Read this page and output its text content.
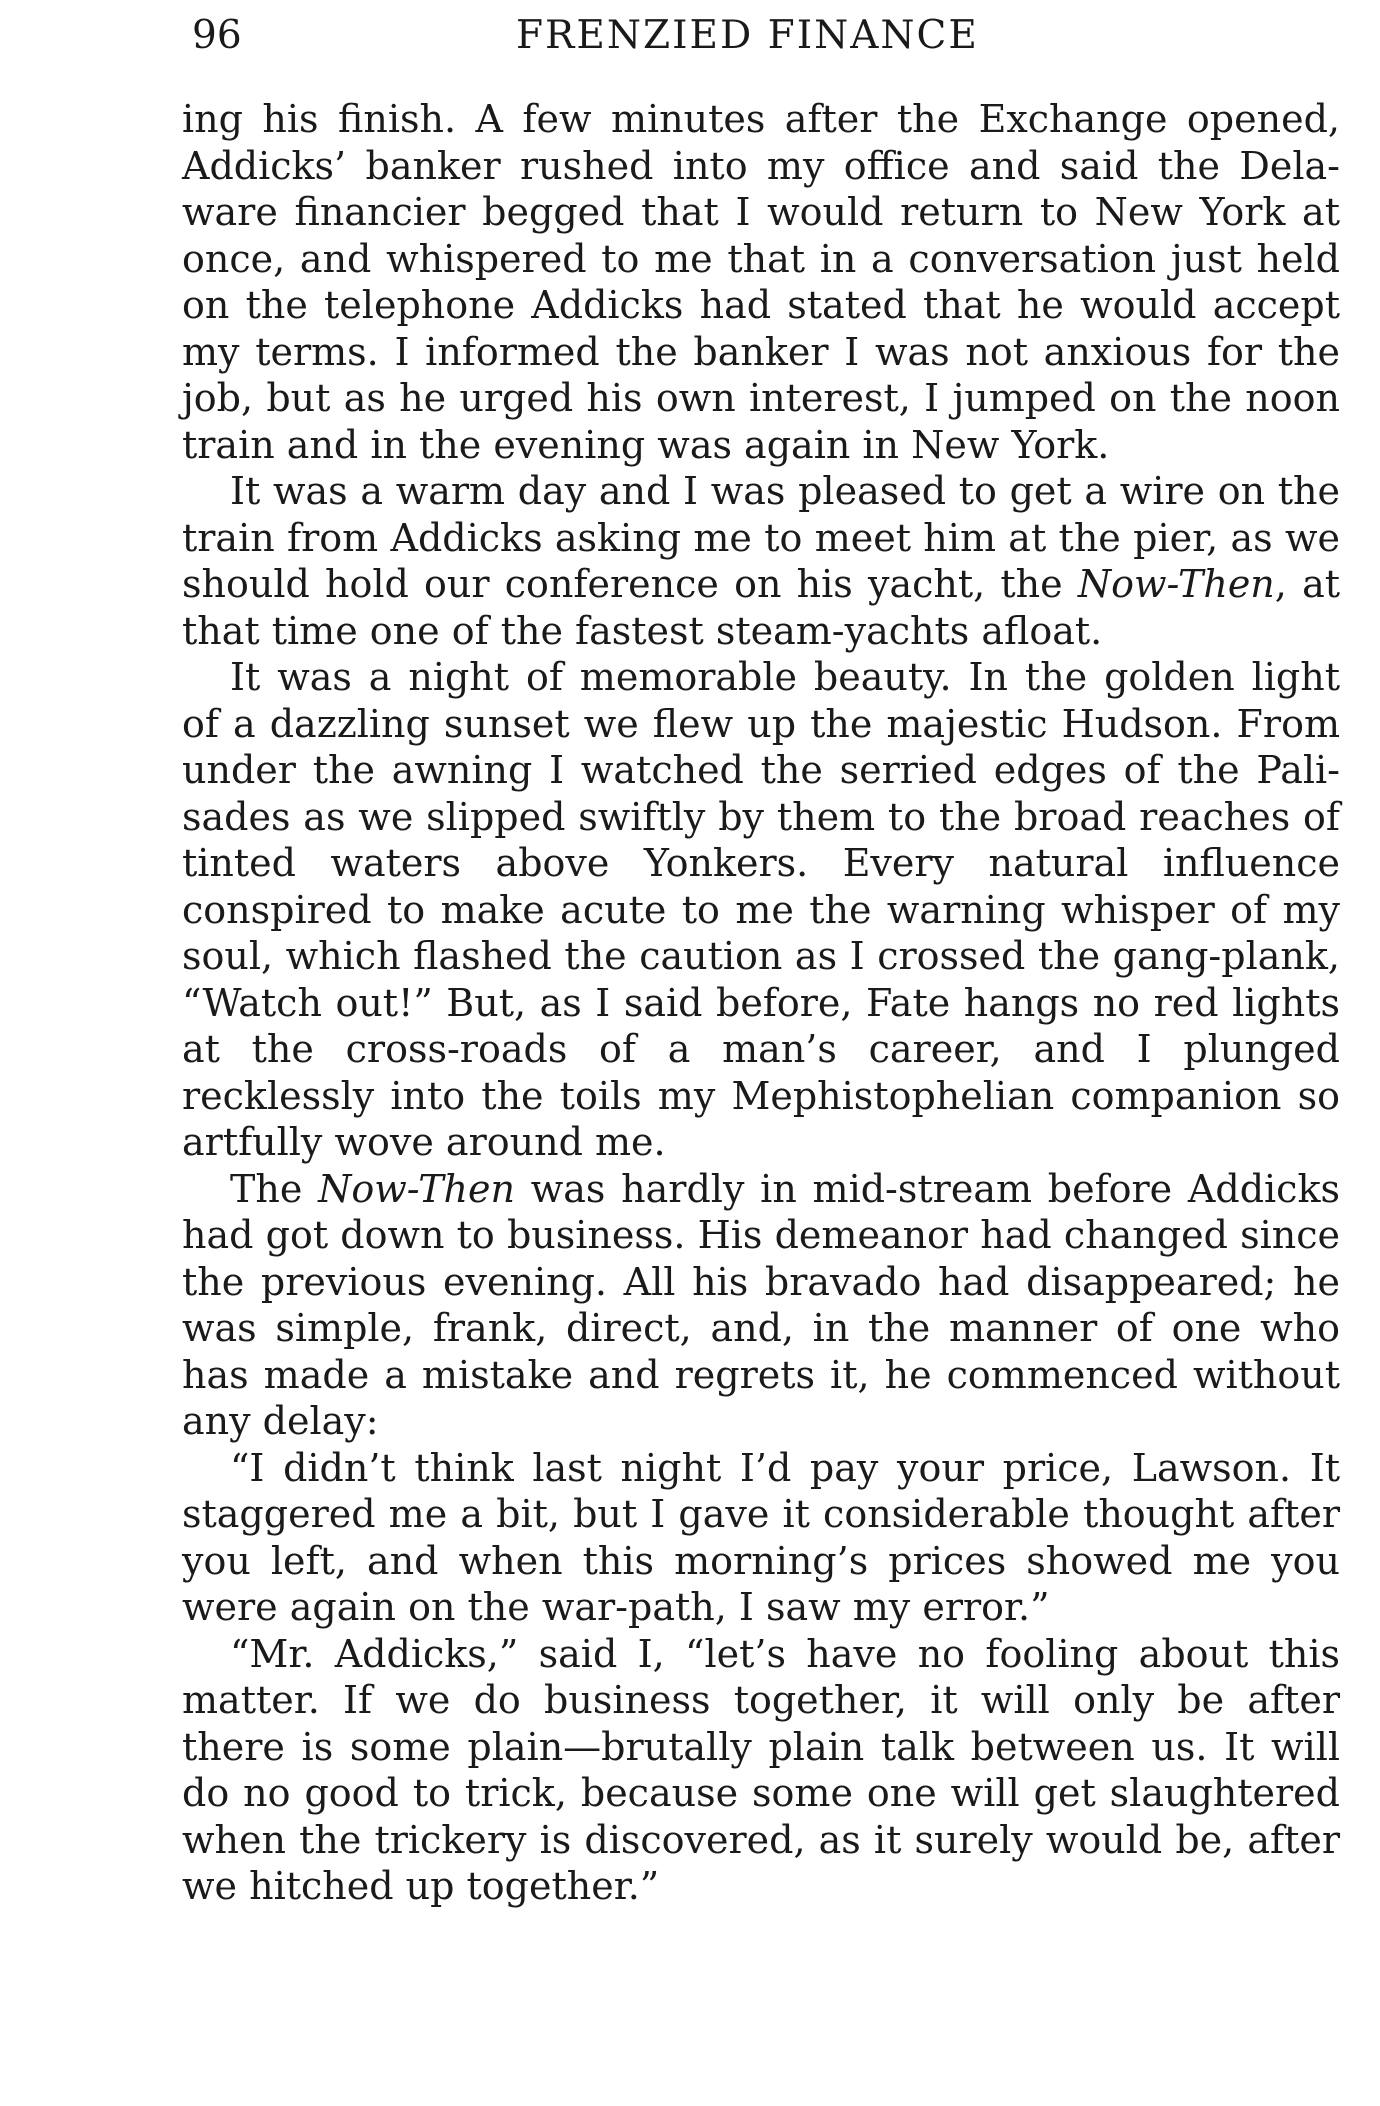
96	FRENZIED FINANCE

ing his finish. A few minutes after the Exchange opened, Addicks’ banker rushed into my office and said the Delaware financier begged that I would return to New York at once, and whispered to me that in a conversation just held on the telephone Addicks had stated that he would accept my terms. I informed the banker I was not anxious for the job, but as he urged his own interest, I jumped on the noon train and in the evening was again in New York.

It was a warm day and I was pleased to get a wire on the train from Addicks asking me to meet him at the pier, as we should hold our conference on his yacht, the Now-Then, at that time one of the fastest steam-yachts afloat.

It was a night of memorable beauty. In the golden light of a dazzling sunset we flew up the majestic Hudson. From under the awning I watched the serried edges of the Palisades as we slipped swiftly by them to the broad reaches of tinted waters above Yonkers. Every natural influence conspired to make acute to me the warning whisper of my soul, which flashed the caution as I crossed the gang-plank, “Watch out!” But, as I said before, Fate hangs no red lights at the cross-roads of a man’s career, and I plunged recklessly into the toils my Mephistophelian companion so artfully wove around me.

The Now-Then was hardly in mid-stream before Addicks had got down to business. His demeanor had changed since the previous evening. All his bravado had disappeared; he was simple, frank, direct, and, in the manner of one who has made a mistake and regrets it, he commenced without any delay:

“I didn’t think last night I’d pay your price, Lawson. It staggered me a bit, but I gave it considerable thought after you left, and when this morning’s prices showed me you were again on the war-path, I saw my error.”

“Mr. Addicks,” said I, “let’s have no fooling about this matter. If we do business together, it will only be after there is some plain—brutally plain talk between us. It will do no good to trick, because some one will get slaughtered when the trickery is discovered, as it surely would be, after we hitched up together.”
